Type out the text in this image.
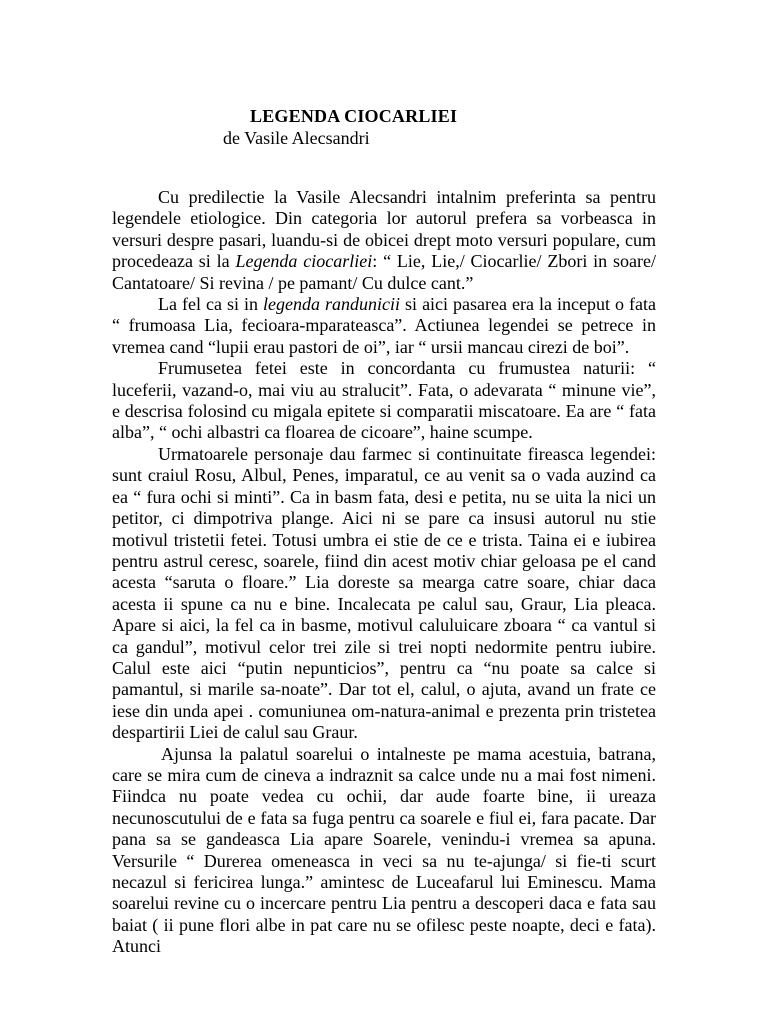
LEGENDA CIOCARLIEI
de Vasile Alecsandri

Cu predilectie la Vasile Alecsandri intalnim preferinta sa pentru legendele etiologice. Din categoria lor autorul prefera sa vorbeasca in versuri despre pasari, luandu-si de obicei drept moto versuri populare, cum procedeaza si la Legenda ciocarliei: “ Lie, Lie,/ Ciocarlie/ Zbori in soare/ Cantatoare/ Si revina / pe pamant/ Cu dulce cant.”

La fel ca si in legenda randunicii si aici pasarea era la inceput o fata “ frumoasa Lia, fecioara-mparateasca”. Actiunea legendei se petrece in vremea cand “lupii erau pastori de oi”, iar “ ursii mancau cirezi de boi”.

Frumusetea fetei este in concordanta cu frumustea naturii: “ luceferii, vazand-o, mai viu au stralucit”. Fata, o adevarata “ minune vie”, e descrisa folosind cu migala epitete si comparatii miscatoare. Ea are “ fata alba”, “ ochi albastri ca floarea de cicoare”, haine scumpe.

Urmatoarele personaje dau farmec si continuitate fireasca legendei: sunt craiul Rosu, Albul, Penes, imparatul, ce au venit sa o vada auzind ca ea “ fura ochi si minti”. Ca in basm fata, desi e petita, nu se uita la nici un petitor, ci dimpotriva plange. Aici ni se pare ca insusi autorul nu stie motivul tristetii fetei. Totusi umbra ei stie de ce e trista. Taina ei e iubirea pentru astrul ceresc, soarele, fiind din acest motiv chiar geloasa pe el cand acesta “saruta o floare.” Lia doreste sa mearga catre soare, chiar daca acesta ii spune ca nu e bine. Incalecata pe calul sau, Graur, Lia pleaca. Apare si aici, la fel ca in basme, motivul caluluicare zboara “ ca vantul si ca gandul”, motivul celor trei zile si trei nopti nedormite pentru iubire. Calul este aici “putin nepunticios”, pentru ca “nu poate sa calce si pamantul, si marile sa-noate”. Dar tot el, calul, o ajuta, avand un frate ce iese din unda apei . comuniunea om-natura-animal e prezenta prin tristetea despartirii Liei de calul sau Graur.

Ajunsa la palatul soarelui o intalneste pe mama acestuia, batrana, care se mira cum de cineva a indraznit sa calce unde nu a mai fost nimeni. Fiindca nu poate vedea cu ochii, dar aude foarte bine, ii ureaza necunoscutului de e fata sa fuga pentru ca soarele e fiul ei, fara pacate. Dar pana sa se gandeasca Lia apare Soarele, venindu-i vremea sa apuna. Versurile “ Durerea omeneasca in veci sa nu te-ajunga/ si fie-ti scurt necazul si fericirea lunga.” amintesc de Luceafarul lui Eminescu. Mama soarelui revine cu o incercare pentru Lia pentru a descoperi daca e fata sau baiat ( ii pune flori albe in pat care nu se ofilesc peste noapte, deci e fata). Atunci
